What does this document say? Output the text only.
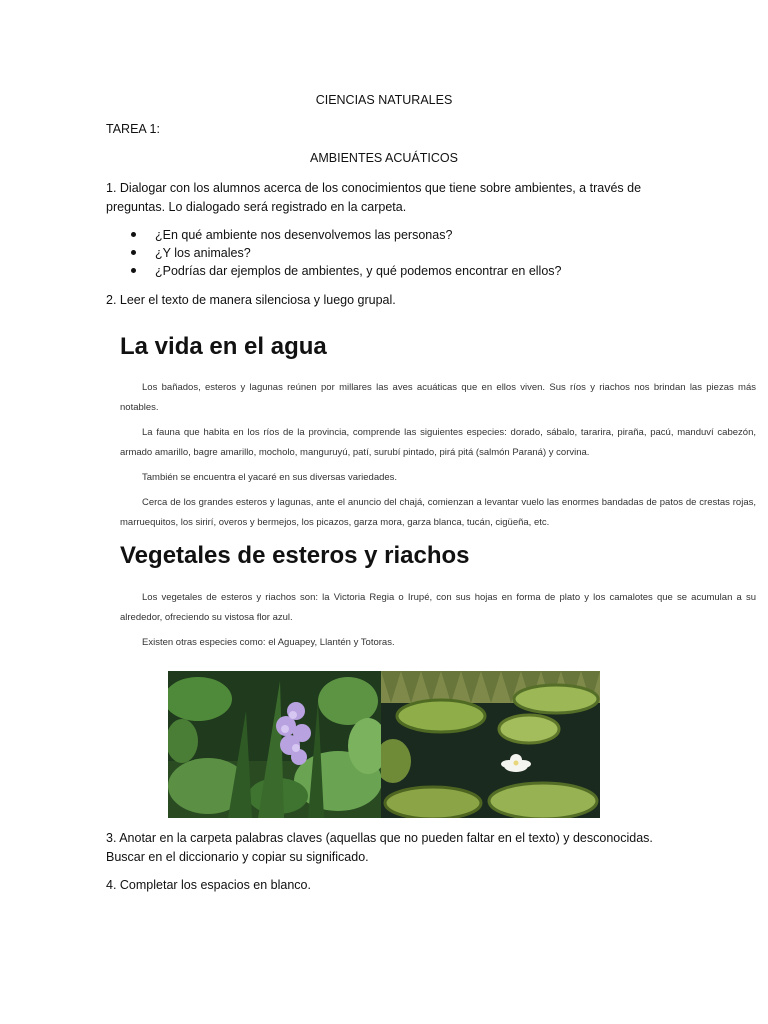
CIENCIAS NATURALES
TAREA 1:
AMBIENTES ACUÁTICOS
1. Dialogar con los alumnos acerca de los conocimientos que tiene sobre ambientes, a través de preguntas. Lo dialogado será registrado en la carpeta.
¿En qué ambiente nos desenvolvemos las personas?
¿Y los animales?
¿Podrías dar ejemplos de ambientes, y qué podemos encontrar en ellos?
2. Leer el texto de manera silenciosa y luego grupal.
La vida en el agua
Los bañados, esteros y lagunas reúnen por millares las aves acuáticas que en ellos viven. Sus ríos y riachos nos brindan las piezas más notables.
La fauna que habita en los ríos de la provincia, comprende las siguientes especies: dorado, sábalo, tararira, piraña, pacú, manduví cabezón, armado amarillo, bagre amarillo, mocholo, manguruyú, patí, surubí pintado, pirá pitá (salmón Paraná) y corvina.
También se encuentra el yacaré en sus diversas variedades.
Cerca de los grandes esteros y lagunas, ante el anuncio del chajá, comienzan a levantar vuelo las enormes bandadas de patos de crestas rojas, marruequitos, los sirirí, overos y bermejos, los picazos, garza mora, garza blanca, tucán, cigüeña, etc.
Vegetales de esteros y riachos
Los vegetales de esteros y riachos son: la Victoria Regia o Irupé, con sus hojas en forma de plato y los camalotes que se acumulan a su alrededor, ofreciendo su vistosa flor azul.
Existen otras especies como: el Aguapey, Llantén y Totoras.
3. Anotar en la carpeta palabras claves (aquellas que no pueden faltar en el texto) y desconocidas. Buscar en el diccionario y copiar su significado.
4. Completar los espacios en blanco.
